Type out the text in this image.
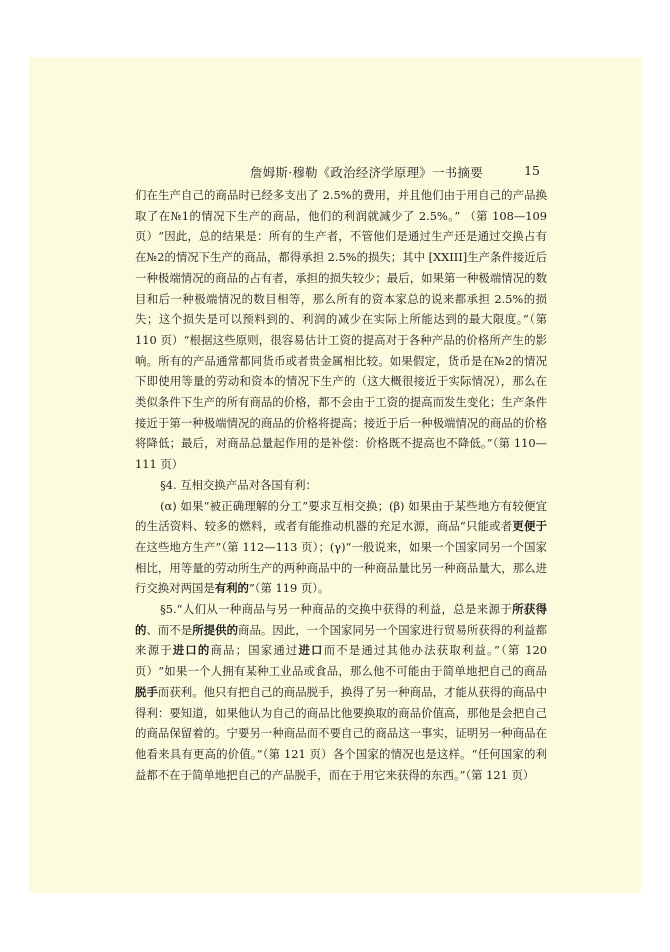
詹姆斯·穆勒《政治经济学原理》一书摘要	15

们在生产自己的商品时已经多支出了 2.5%的费用，并且他们由于用自己的产品换取了在№1的情况下生产的商品，他们的利润就减少了 2.5%。” （第 108—109 页）“因此，总的结果是：所有的生产者，不管他们是通过生产还是通过交换占有在№2的情况下生产的商品，都得承担 2.5%的损失；其中 [XXIII]生产条件接近后一种极端情况的商品的占有者，承担的损失较少；最后，如果第一种极端情况的数目和后一种极端情况的数目相等，那么所有的资本家总的说来都承担 2.5%的损失；这个损失是可以预料到的、利润的减少在实际上所能达到的最大限度。”（第 110 页）“根据这些原则，很容易估计工资的提高对于各种产品的价格所产生的影响。所有的产品通常都同货币或者贵金属相比较。如果假定，货币是在№2的情况下即使用等量的劳动和资本的情况下生产的（这大概很接近于实际情况），那么在类似条件下生产的所有商品的价格，都不会由于工资的提高而发生变化；生产条件接近于第一种极端情况的商品的价格将提高；接近于后一种极端情况的商品的价格将降低；最后，对商品总量起作用的是补偿：价格既不提高也不降低。”（第 110—111 页）

§4. 互相交换产品对各国有利：

(α) 如果“被正确理解的分工”要求互相交换；(β) 如果由于某些地方有较便宜的生活资料、较多的燃料，或者有能推动机器的充足水源，商品“只能或者更便于在这些地方生产”（第 112—113 页）；(γ)“一般说来，如果一个国家同另一个国家相比，用等量的劳动所生产的两种商品中的一种商品量比另一种商品量大，那么进行交换对两国是有利的”（第 119 页）。

§5.“人们从一种商品与另一种商品的交换中获得的利益，总是来源于所获得的、而不是所提供的商品。因此，一个国家同另一个国家进行贸易所获得的利益都来源于进口的商品；国家通过进口而不是通过其他办法获取利益。”（第 120 页）“如果一个人拥有某种工业品或食品，那么他不可能由于简单地把自己的商品脱手而获利。他只有把自己的商品脱手，换得了另一种商品，才能从获得的商品中得利：要知道，如果他认为自己的商品比他要换取的商品价值高，那他是会把自己的商品保留着的。宁要另一种商品而不要自己的商品这一事实，证明另一种商品在他看来具有更高的价值。”（第 121 页）各个国家的情况也是这样。“任何国家的利益都不在于简单地把自己的产品脱手，而在于用它来获得的东西。”（第 121 页）
